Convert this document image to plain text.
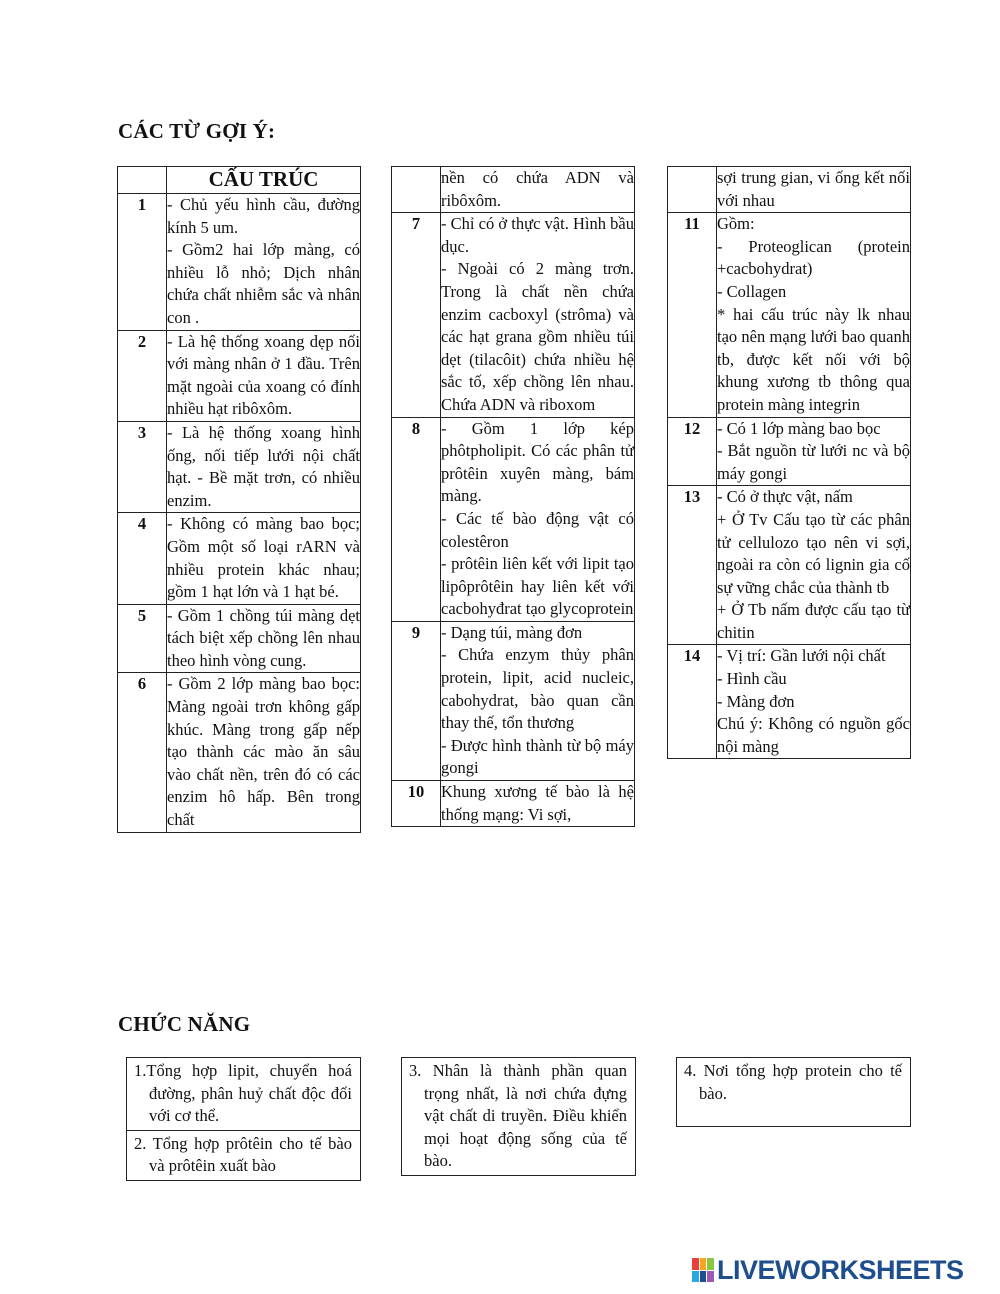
CÁC TỪ GỢI Ý:
	CẤU TRÚC
1	- Chủ yếu hình cầu, đường kính 5 um.
- Gồm2 hai lớp màng, có nhiều lỗ nhỏ; Dịch nhân chứa chất nhiễm sắc và nhân con .

2	- Là hệ thống xoang dẹp nối với màng nhân ở 1 đầu. Trên mặt ngoài của xoang có đính nhiều hạt ribôxôm.

3	- Là hệ thống xoang hình ống, nối tiếp lưới nội chất hạt. - Bề mặt trơn, có nhiều enzim.

4	- Không có màng bao bọc; Gồm một số loại rARN và nhiều protein khác nhau; gồm 1 hạt lớn và 1 hạt bé.

5	- Gồm 1 chồng túi màng dẹt tách biệt xếp chồng lên nhau theo hình vòng cung.

6	- Gồm 2 lớp màng bao bọc: Màng ngoài trơn không gấp khúc. Màng trong gấp nếp tạo thành các mào ăn sâu vào chất nền, trên đó có các enzim hô hấp. Bên trong chất

	nền có chứa ADN và ribôxôm.

7	- Chỉ có ở thực vật. Hình bầu dục.
- Ngoài có 2 màng trơn. Trong là chất nền chứa enzim cacboxyl (strôma) và các hạt grana gồm nhiều túi dẹt (tilacôit) chứa nhiều hệ sắc tố, xếp chồng lên nhau. Chứa ADN và riboxom

8	- Gồm 1 lớp kép phôtpholipit. Có các phân tử prôtêin xuyên màng, bám màng.
- Các tế bào động vật có colestêron
- prôtêin liên kết với lipit tạo lipôprôtêin hay liên kết với cacbohyđrat tạo glycoprotein

9	- Dạng túi, màng đơn
- Chứa enzym thủy phân protein, lipit, acid nucleic, cabohydrat, bào quan cần thay thế, tổn thương
- Được hình thành từ bộ máy gongi

10	Khung xương tế bào là hệ thống mạng: Vi sợi,

	sợi trung gian, vi ống kết nối với nhau

11	Gồm:
- Proteoglican (protein +cacbohydrat)
- Collagen
* hai cấu trúc này lk nhau tạo nên mạng lưới bao quanh tb, được kết nối với bộ khung xương tb thông qua protein màng integrin

12	- Có 1 lớp màng bao bọc
- Bắt nguồn từ lưới nc và bộ máy gongi

13	- Có ở thực vật, nấm
+ Ở Tv Cấu tạo từ các phân tử cellulozo tạo nên vi sợi, ngoài ra còn có lignin gia cố sự vững chắc của thành tb
+ Ở Tb nấm được cấu tạo từ chitin

14	- Vị trí: Gần lưới nội chất
- Hình cầu
- Màng đơn
Chú ý: Không có nguồn gốc nội màng
CHỨC NĂNG
1.Tổng hợp lipit, chuyển hoá đường, phân huỷ chất độc đối với cơ thể.
2. Tổng hợp prôtêin cho tế bào và prôtêin xuất bào
3. Nhân là thành phần quan trọng nhất, là nơi chứa đựng vật chất di truyền. Điều khiển mọi hoạt động sống của tế bào.
4. Nơi tổng hợp protein cho tế bào.
LIVEWORKSHEETS
